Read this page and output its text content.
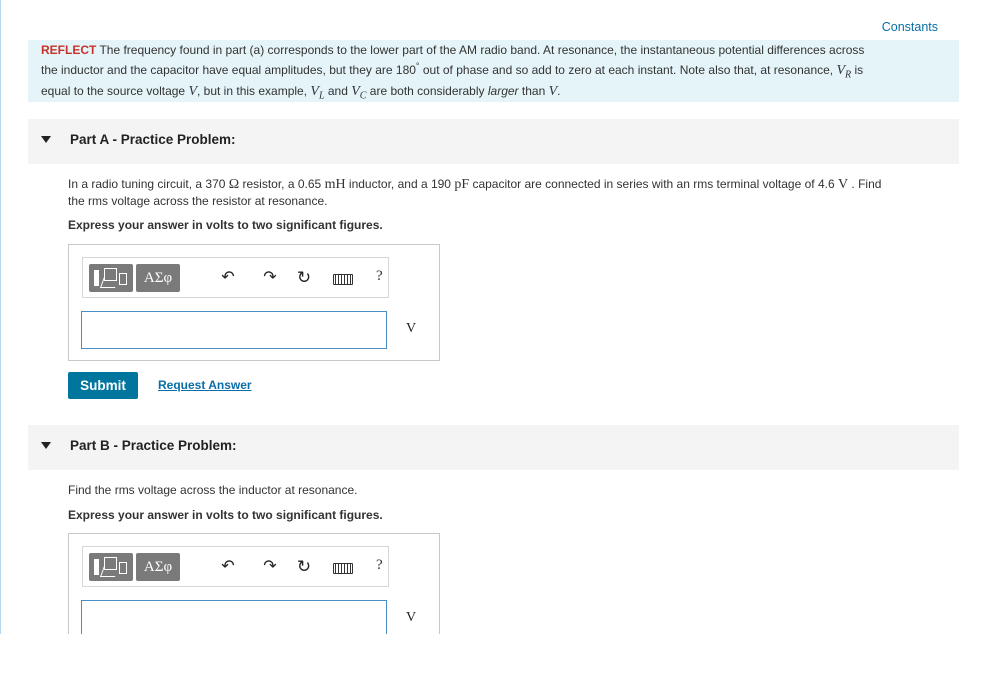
Constants
REFLECT The frequency found in part (a) corresponds to the lower part of the AM radio band. At resonance, the instantaneous potential differences across
the inductor and the capacitor have equal amplitudes, but they are 180° out of phase and so add to zero at each instant. Note also that, at resonance, $V_R$ is
equal to the source voltage V, but in this example, $V_L$ and $V_C$ are both considerably larger than V.
Part A - Practice Problem:
In a radio tuning circuit, a 370 Ω resistor, a 0.65 mH inductor, and a 190 pF capacitor are connected in series with an rms terminal voltage of 4.6 V . Find
the rms voltage across the resistor at resonance.
Express your answer in volts to two significant figures.
ΑΣφ	↶ ↷ ↻	?
V
Submit	Request Answer
Part B - Practice Problem:
Find the rms voltage across the inductor at resonance.
Express your answer in volts to two significant figures.
ΑΣφ	↶ ↷ ↻	?
V
